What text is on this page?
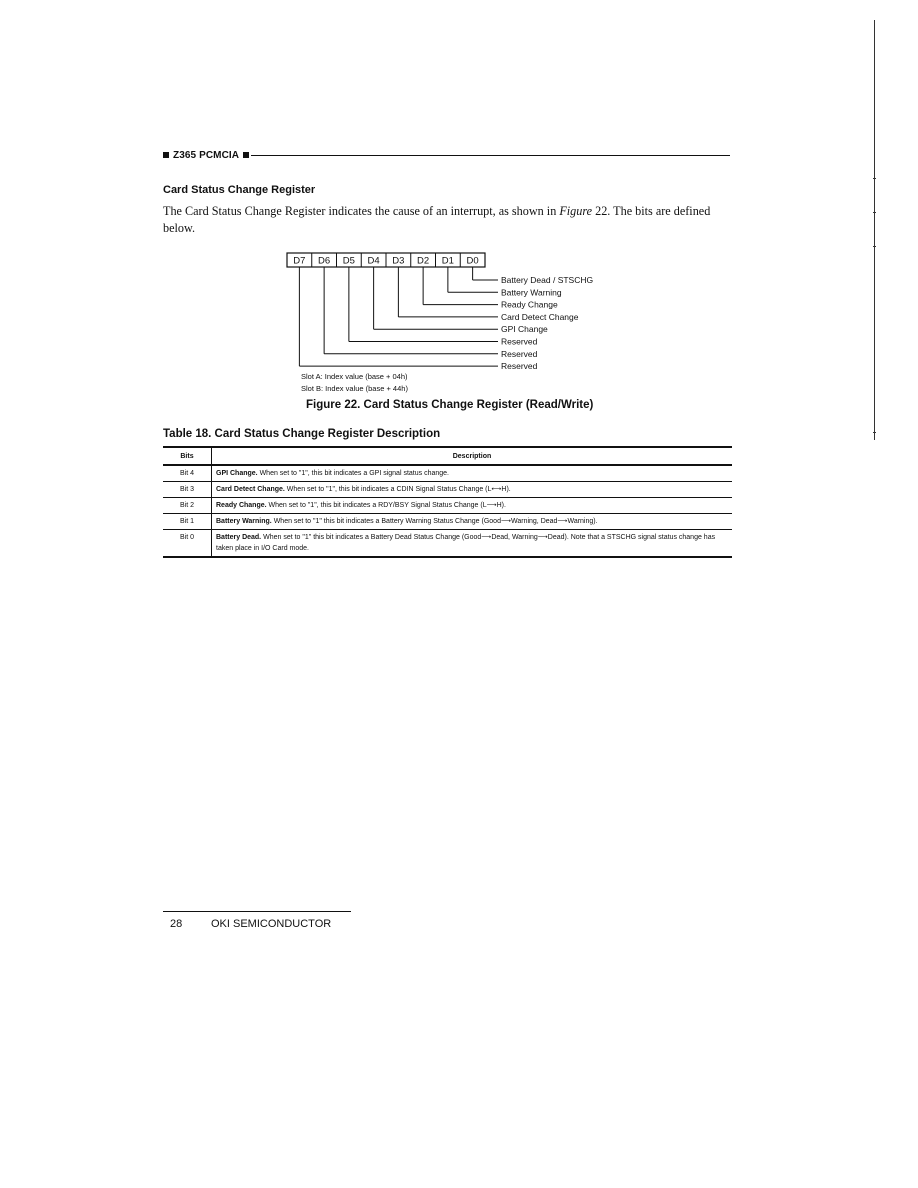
Z365 PCMCIA
Card Status Change Register
The Card Status Change Register indicates the cause of an interrupt, as shown in Figure 22. The bits are defined below.
D7 D6 D5 D4 D3 D2 D1 D0
Battery Dead / STSCHG
Battery Warning
Ready Change
Card Detect Change
GPI Change
Reserved
Reserved
Reserved
Slot A: Index value (base + 04h)
Slot B: Index value (base + 44h)
Figure 22. Card Status Change Register (Read/Write)
Table 18. Card Status Change Register Description
Bits	Description
Bit 4	GPI Change. When set to "1", this bit indicates a GPI signal status change.
Bit 3	Card Detect Change. When set to "1", this bit indicates a CDIN Signal Status Change (L⟷H).
Bit 2	Ready Change. When set to "1", this bit indicates a RDY/BSY Signal Status Change (L⟶H).
Bit 1	Battery Warning. When set to "1" this bit indicates a Battery Warning Status Change (Good⟶Warning, Dead⟶Warning).
Bit 0	Battery Dead. When set to "1" this bit indicates a Battery Dead Status Change (Good⟶Dead, Warning⟶Dead). Note that a STSCHG signal status change has taken place in I/O Card mode.
28	OKI SEMICONDUCTOR
